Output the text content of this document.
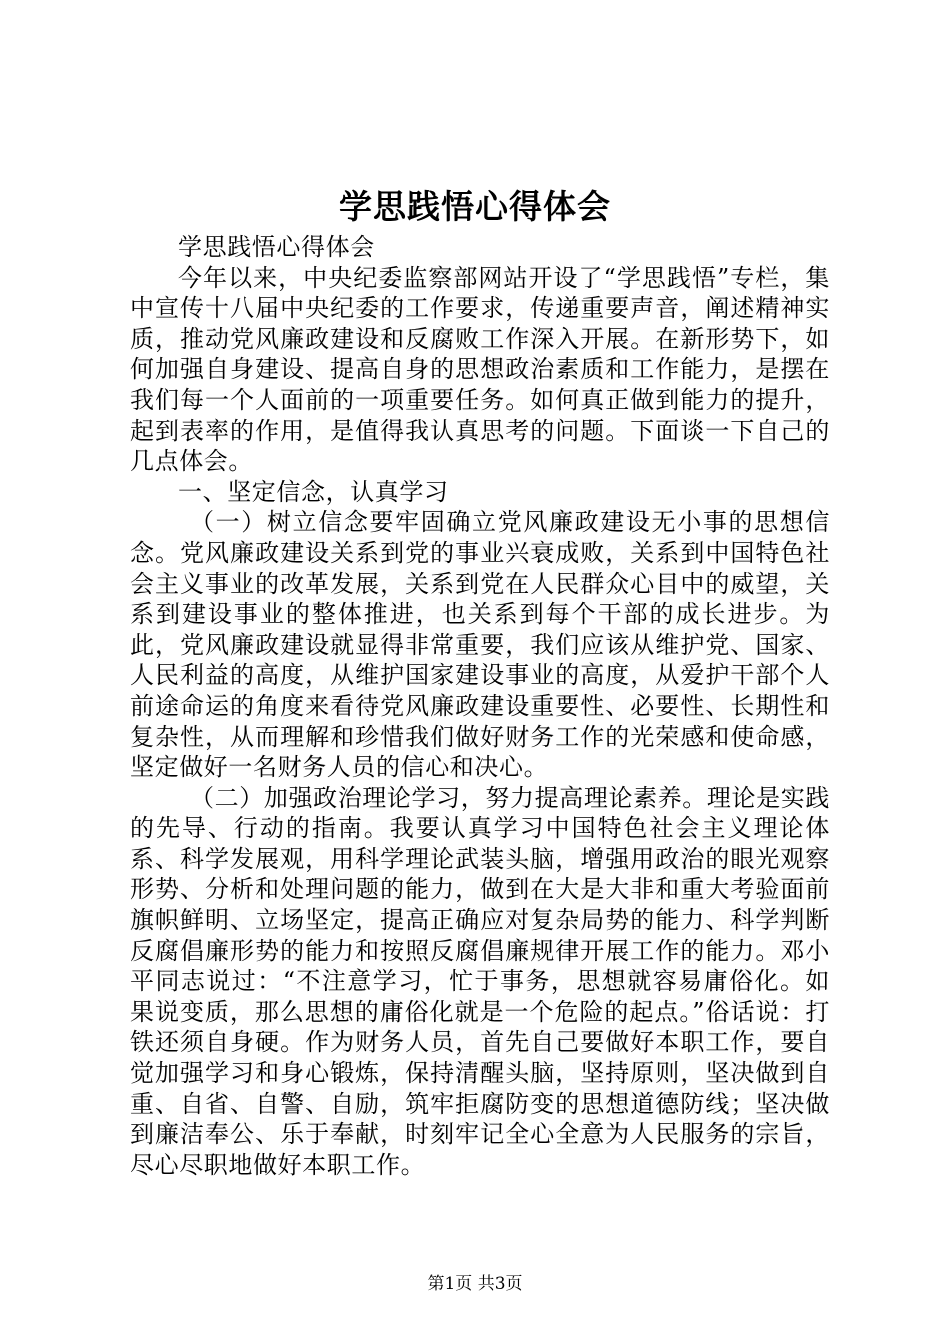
学思践悟心得体会

学思践悟心得体会

今年以来，中央纪委监察部网站开设了“学思践悟”专栏，集中宣传十八届中央纪委的工作要求，传递重要声音，阐述精神实质，推动党风廉政建设和反腐败工作深入开展。在新形势下，如何加强自身建设、提高自身的思想政治素质和工作能力，是摆在我们每一个人面前的一项重要任务。如何真正做到能力的提升，起到表率的作用，是值得我认真思考的问题。下面谈一下自己的几点体会。

一、坚定信念，认真学习

（一）树立信念要牢固确立党风廉政建设无小事的思想信念。党风廉政建设关系到党的事业兴衰成败，关系到中国特色社会主义事业的改革发展，关系到党在人民群众心目中的威望，关系到建设事业的整体推进，也关系到每个干部的成长进步。为此，党风廉政建设就显得非常重要，我们应该从维护党、国家、人民利益的高度，从维护国家建设事业的高度，从爱护干部个人前途命运的角度来看待党风廉政建设重要性、必要性、长期性和复杂性，从而理解和珍惜我们做好财务工作的光荣感和使命感，坚定做好一名财务人员的信心和决心。

（二）加强政治理论学习，努力提高理论素养。理论是实践的先导、行动的指南。我要认真学习中国特色社会主义理论体系、科学发展观，用科学理论武装头脑，增强用政治的眼光观察形势、分析和处理问题的能力，做到在大是大非和重大考验面前旗帜鲜明、立场坚定，提高正确应对复杂局势的能力、科学判断反腐倡廉形势的能力和按照反腐倡廉规律开展工作的能力。邓小平同志说过：“不注意学习，忙于事务，思想就容易庸俗化。如果说变质，那么思想的庸俗化就是一个危险的起点。”俗话说：打铁还须自身硬。作为财务人员，首先自己要做好本职工作，要自觉加强学习和身心锻炼，保持清醒头脑，坚持原则，坚决做到自重、自省、自警、自励，筑牢拒腐防变的思想道德防线；坚决做到廉洁奉公、乐于奉献，时刻牢记全心全意为人民服务的宗旨，尽心尽职地做好本职工作。

第1页 共3页
